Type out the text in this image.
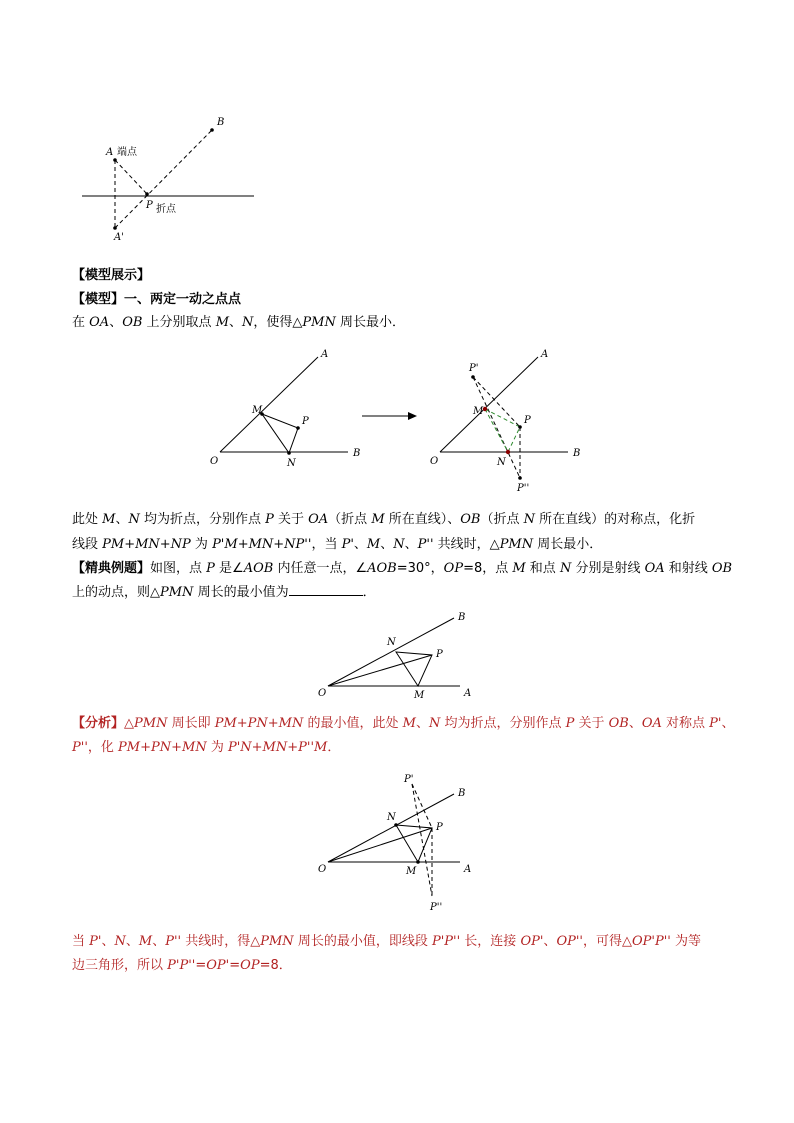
B
A 端点
P 折点
A'
【模型展示】
【模型】一、两定一动之点点
在 OA、OB 上分别取点 M、N，使得△PMN 周长最小．
A
M
P
O	N
B
P'
A
M
P
O	N
B
P''
此处 M、N 均为折点，分别作点 P 关于 OA（折点 M 所在直线）、OB（折点 N 所在直线）的对称点，化折
线段 PM+MN+NP 为 P'M+MN+NP''，当 P'、M、N、P'' 共线时，△PMN 周长最小．
【精典例题】如图，点 P 是∠AOB 内任意一点，∠AOB=30°，OP=8，点 M 和点 N 分别是射线 OA 和射线 OB
上的动点，则△PMN 周长的最小值为	．
B
N
P
O	M	A
【分析】△PMN 周长即 PM+PN+MN 的最小值，此处 M、N 均为折点，分别作点 P 关于 OB、OA 对称点 P'、
P''，化 PM+PN+MN 为 P'N+MN+P''M．
P'
B
N
P
O	M	A
P''
当 P'、N、M、P'' 共线时，得△PMN 周长的最小值，即线段 P'P'' 长，连接 OP'、OP''，可得△OP'P'' 为等
边三角形，所以 P'P''=OP'=OP=8．
